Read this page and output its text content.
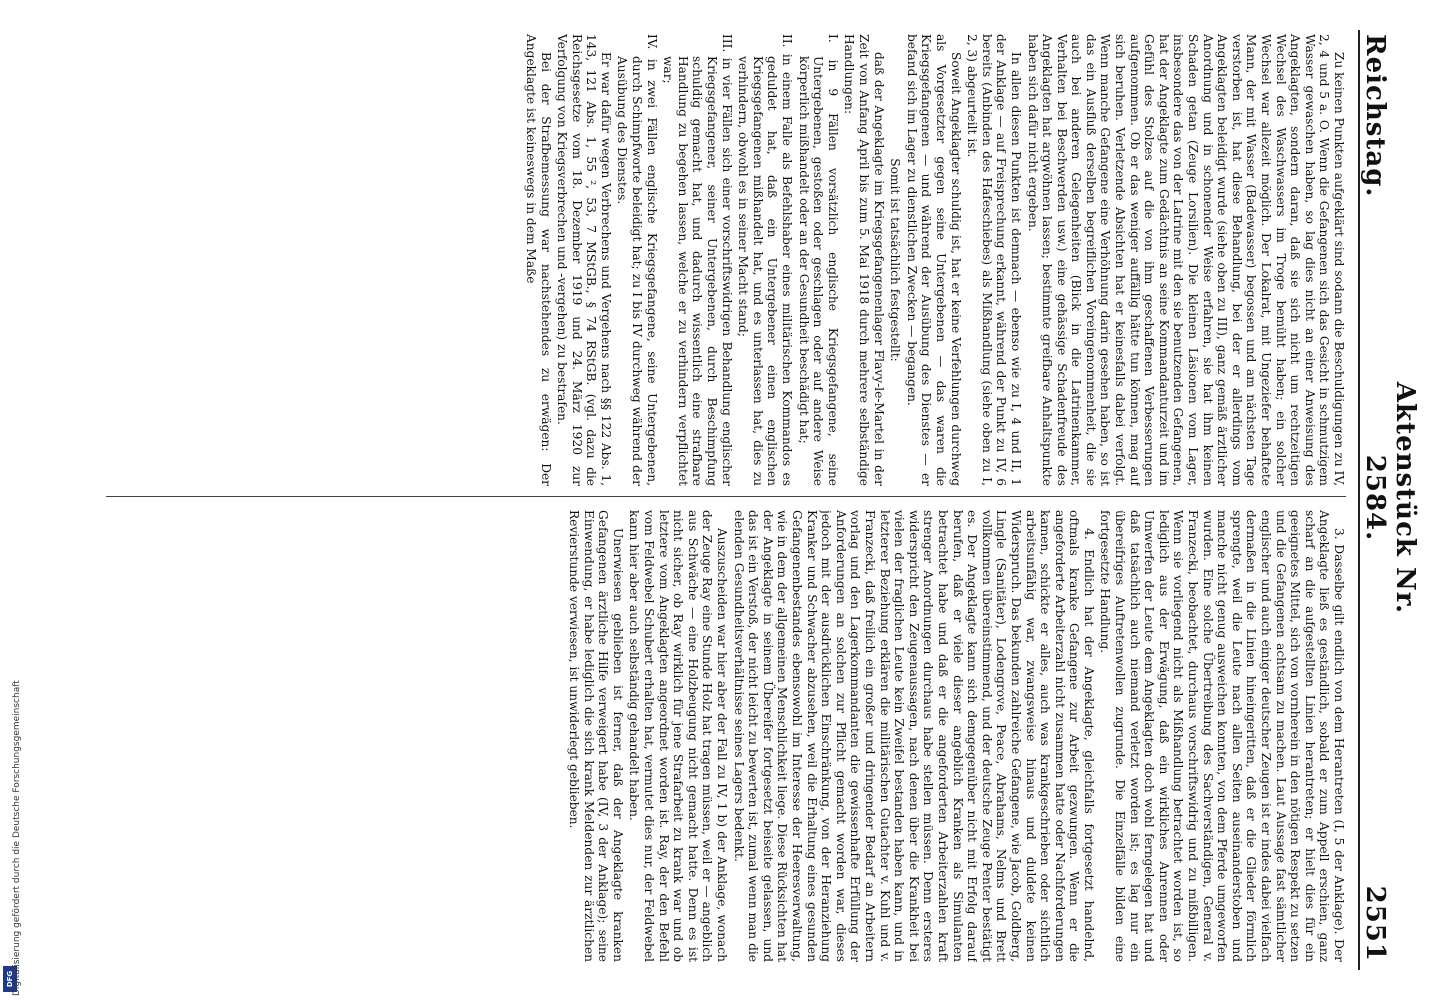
DFG
Digitalisierung gefördert durch die Deutsche Forschungsgemeinschaft
Reichstag.
Aktenstück Nr. 2584.
2551

Zu keinen Punkten aufgeklärt sind sodann die Beschuldigungen zu IV, 2, 4 und 5 a. O. Wenn die Gefangenen sich das Gesicht in schmutzigem Wasser gewaschen haben, so lag dies nicht an einer Anweisung des Angeklagten, sondern daran, daß sie sich nicht um rechtzeitigen Wechsel des Waschwassers im Troge bemüht haben; ein solcher Wechsel war allezeit möglich. Der Lokalrat, mit Ungeziefer behaftete Mann, der mit Wasser (Badewasser) begossen und am nächsten Tage verstorben ist, hat diese Behandlung, bei der er allerdings vom Angeklagten beleidigt wurde (siehe oben zu III), ganz gemäß ärztlicher Anordnung und in schonender Weise erfahren, sie hat ihm keinen Schaden getan (Zeuge Lorsilien). Die kleinen Läsionen vom Lager, insbesondere das von der Latrine mit den sie benutzenden Gefangenen, hat der Angeklagte zum Gedächtnis an seine Kommandanturzeit und im Gefühl des Stolzes auf die von ihm geschaffenen Verbesserungen aufgenommen. Ob er das weniger auffällig hätte tun können, mag auf sich beruhen. Verletzende Absichten hat er keinesfalls dabei verfolgt. Wenn manche Gefangene eine Verhöhnung darin gesehen haben, so ist das ein Ausfluß derselben begreiflichen Voreingenommenheit, die sie auch bei anderen Gelegenheiten (Blick in die Latrinenkammer, Verhalten bei Beschwerden usw.) eine gehässige Schadenfreude des Angeklagten hat argwöhnen lassen; bestimmte greifbare Anhaltspunkte haben sich dafür nicht ergeben.

In allen diesen Punkten ist demnach — ebenso wie zu I, 4 und II, 1 der Anklage — auf Freisprechung erkannt, während der Punkt zu IV, 6 bereits (Anbinden des Hafeschiebes) als Mißhandlung (siehe oben zu I, 2, 3) abgeurteilt ist.

Soweit Angeklagter schuldig ist, hat er keine Verfehlungen durchweg als Vorgesetzter gegen seine Untergebenen — das waren die Kriegsgefangenen — und während der Ausübung des Dienstes — er befand sich im Lager zu dienstlichen Zwecken — begangen.

Somit ist tatsächlich festgestellt:

daß der Angeklagte im Kriegsgefangenenlager Flavy-le-Martel in der Zeit von Anfang April bis zum 5. Mai 1918 durch mehrere selbständige Handlungen:

I. in 9 Fällen vorsätzlich englische Kriegsgefangene, seine Untergebenen, gestoßen oder geschlagen oder auf andere Weise körperlich mißhandelt oder an der Gesundheit beschädigt hat;

II. in einem Falle als Befehlshaber eines militärischen Kommandos es geduldet hat, daß ein Untergebener einen englischen Kriegsgefangenen mißhandelt hat, und es unterlassen hat, dies zu verhindern, obwohl es in seiner Macht stand;

III. in vier Fällen sich einer vorschriftswidrigen Behandlung englischer Kriegsgefangener, seiner Untergebenen, durch Beschimpfung schuldig gemacht hat, und dadurch wissentlich eine strafbare Handlung zu begehen lassen, welche er zu verhindern verpflichtet war;

IV. in zwei Fällen englische Kriegsgefangene, seine Untergebenen, durch Schimpfworte beleidigt hat; zu I bis IV durchweg während der Ausübung des Dienstes.

Er war dafür wegen Verbrechens und Vergehens nach §§ 122 Abs. 1, 143, 121 Abs. 1, 55 ², 53, 7 MStGB., § 74 RStGB. (vgl. dazu die Reichsgesetze vom 18. Dezember 1919 und 24. März 1920 zur Verfolgung von Kriegsverbrechen und -vergehen) zu bestrafen.

Bei der Strafbemessung war nachstehendes zu erwägen: Der Angeklagte ist keineswegs in dem Maße

3. Dasselbe gilt endlich von dem Herantreten (I, 5 der Anklage). Der Angeklagte ließ es geständlich, sobald er zum Appell erschien, ganz scharf an die aufgestellten Linien herantreten; er hielt dies für ein geeignetes Mittel, sich von vornherein in den nötigen Respekt zu setzen und die Gefangenen achtsam zu machen. Laut Aussage fast sämtlicher englischer und auch einiger deutscher Zeugen ist er indes dabei vielfach dermaßen in die Linien hineingeritten, daß er die Glieder förmlich sprengte, weil die Leute nach allen Seiten auseinanderstoben und manche nicht genug ausweichen konnten, von dem Pferde umgeworfen wurden. Eine solche Übertreibung des Sachverständigen, General v. Franzecki, beobachtet, durchaus vorschriftswidrig und zu mißbilligen. Wenn sie vorliegend nicht als Mißhandlung betrachtet worden ist, so lediglich aus der Erwägung, daß ein wirkliches Anrennen oder Umwerfen der Leute dem Angeklagten doch wohl ferngelegen hat und daß tatsächlich auch niemand verletzt worden ist; es lag nur ein übereifriges Auftretenwollen zugrunde. Die Einzelfälle bilden eine fortgesetzte Handlung.

4. Endlich hat der Angeklagte, gleichfalls fortgesetzt handelnd, oftmals kranke Gefangene zur Arbeit gezwungen. Wenn er die angeforderte Arbeiterzahl nicht zusammen hatte oder Nachforderungen kamen, schickte er alles, auch was krankgeschrieben oder sichtlich arbeitsunfähig war, zwangsweise hinaus und duldete keinen Widerspruch. Das bekunden zahlreiche Gefangene, wie Jacob, Goldberg, Lingle (Sanitäter), Lodengrove, Peace, Abrahams, Nelms und Brett vollkommen übereinstimmend, und der deutsche Zeuge Penter bestätigt es. Der Angeklagte kann sich demgegenüber nicht mit Erfolg darauf berufen, daß er viele dieser angeblich Kranken als Simulanten betrachtet habe und daß er die angeforderten Arbeiterzahlen kraft strenger Anordnungen durchaus habe stellen müssen. Denn ersteres widerspricht den Zeugenaussagen, nach denen über die Krankheit bei vielen der fraglichen Leute kein Zweifel bestanden haben kann, und in letzterer Beziehung erklären die militärischen Gutachter v. Kuhl und v. Franzecki, daß freilich ein großer und dringender Bedarf an Arbeitern vorlag und den Lagerkommandanten die gewissenhafte Erfüllung der Anforderungen an solchen zur Pflicht gemacht worden war, dieses jedoch mit der ausdrücklichen Einschränkung, von der Heranziehung Kranker und Schwacher abzusehen, weil die Erhaltung eines gesunden Gefangenenbestandes ebensowohl im Interesse der Heeresverwaltung, wie in dem der allgemeinen Menschlichkeit liege. Diese Rücksichten hat der Angeklagte in seinem Übereifer fortgesetzt beiseite gelassen, und das ist ein Verstoß, der nicht leicht zu bewerten ist, zumal wenn man die elenden Gesundheitsverhältnisse seines Lagers bedenkt.

Auszuscheiden war hier aber der Fall zu IV, 1 b) der Anklage, wonach der Zeuge Ray eine Stunde Holz hat tragen müssen, weil er — angeblich aus Schwäche — eine Holzbeugung nicht gemacht hatte. Denn es ist nicht sicher, ob Ray wirklich für jene Strafarbeit zu krank war und ob letztere vom Angeklagten angeordnet worden ist. Ray, der den Befehl vom Feldwebel Schubert erhalten hat, vermutet dies nur, der Feldwebel kann hier aber auch selbständig gehandelt haben.

Unerwiesen geblieben ist ferner, daß der Angeklagte kranken Gefangenen ärztliche Hilfe verweigert habe (IV, 3 der Anklage); seine Einwendung, er habe lediglich die sich krank Meldenden zur ärztlichen Revierstunde verwiesen, ist unwiderlegt geblieben.
